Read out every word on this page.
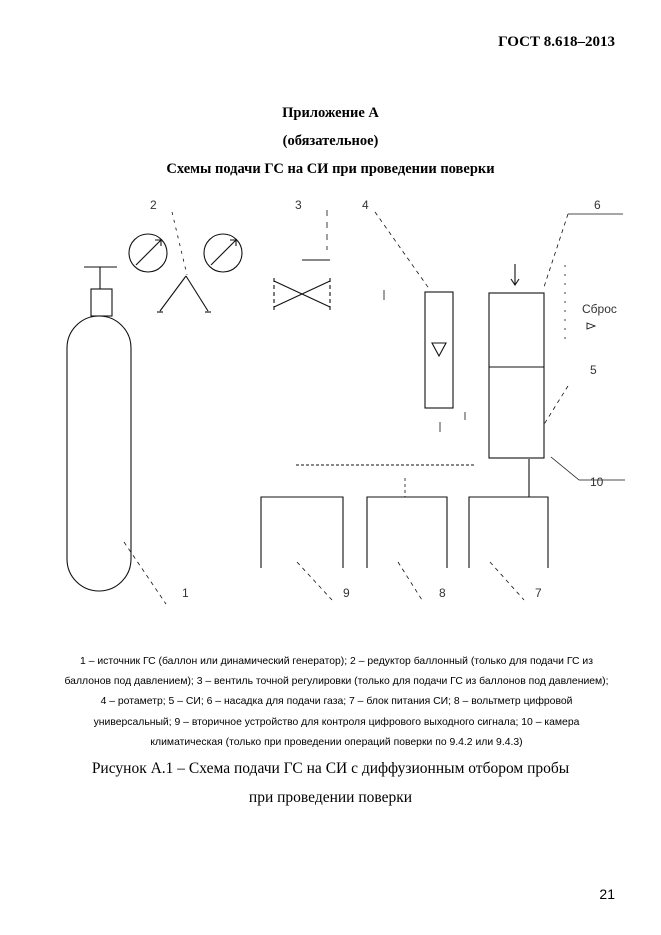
ГОСТ 8.618–2013
Приложение А
(обязательное)
Схемы подачи ГС на СИ при проведении поверки
2	3	4	6
Сброс
5
10
1	9	8	7
1 – источник ГС (баллон или динамический генератор); 2 – редуктор баллонный (только для подачи ГС из баллонов под давлением); 3 – вентиль точной регулировки (только для подачи ГС из баллонов под давлением); 4 – ротаметр; 5 – СИ; 6 – насадка для подачи газа; 7 – блок питания СИ; 8 – вольтметр цифровой универсальный; 9 – вторичное устройство для контроля цифрового выходного сигнала; 10 – камера климатическая (только при проведении операций поверки по 9.4.2 или 9.4.3)
Рисунок А.1 – Схема подачи ГС на СИ с диффузионным отбором пробы
при проведении поверки
21
